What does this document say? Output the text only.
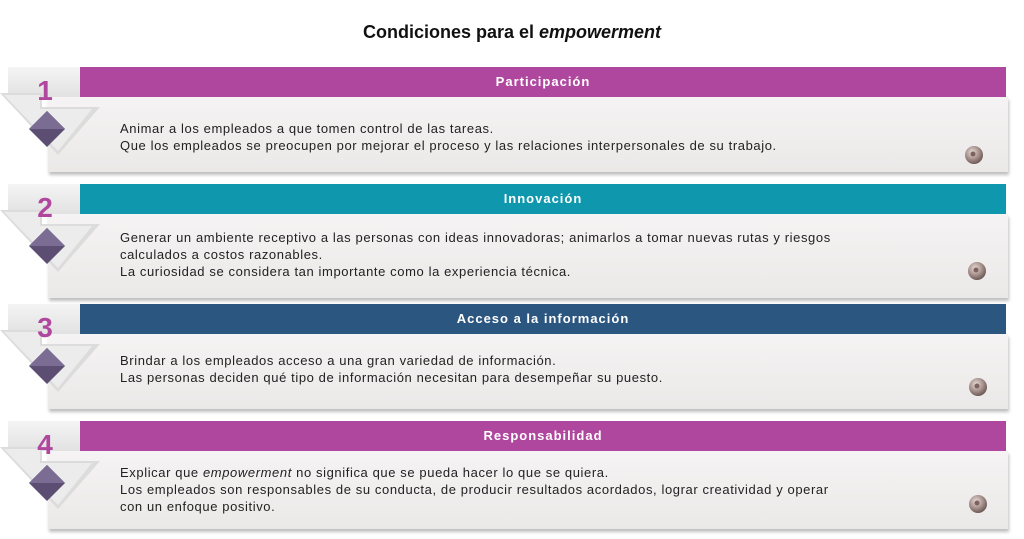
Condiciones para el empowerment
1	Participación
Animar a los empleados a que tomen control de las tareas.
Que los empleados se preocupen por mejorar el proceso y las relaciones interpersonales de su trabajo.
2	Innovación
Generar un ambiente receptivo a las personas con ideas innovadoras; animarlos a tomar nuevas rutas y riesgos
calculados a costos razonables.
La curiosidad se considera tan importante como la experiencia técnica.
3	Acceso a la información
Brindar a los empleados acceso a una gran variedad de información.
Las personas deciden qué tipo de información necesitan para desempeñar su puesto.
4	Responsabilidad
Explicar que empowerment no significa que se pueda hacer lo que se quiera.
Los empleados son responsables de su conducta, de producir resultados acordados, lograr creatividad y operar
con un enfoque positivo.
